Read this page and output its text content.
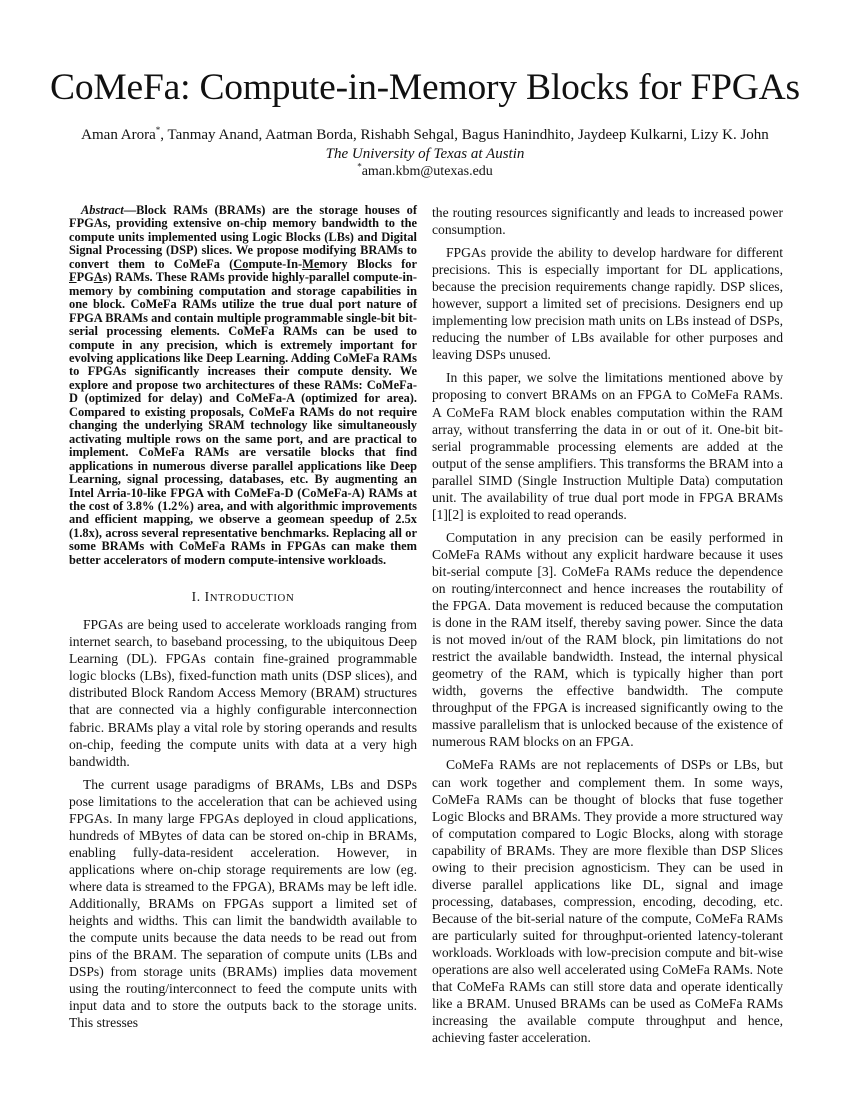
CoMeFa: Compute-in-Memory Blocks for FPGAs
Aman Arora*, Tanmay Anand, Aatman Borda, Rishabh Sehgal, Bagus Hanindhito, Jaydeep Kulkarni, Lizy K. John
The University of Texas at Austin
*aman.kbm@utexas.edu

Abstract—Block RAMs (BRAMs) are the storage houses of FPGAs, providing extensive on-chip memory bandwidth to the compute units implemented using Logic Blocks (LBs) and Digital Signal Processing (DSP) slices. We propose modifying BRAMs to convert them to CoMeFa (Compute-In-Memory Blocks for FPGAs) RAMs. These RAMs provide highly-parallel compute-in-memory by combining computation and storage capabilities in one block. CoMeFa RAMs utilize the true dual port nature of FPGA BRAMs and contain multiple programmable single-bit bit-serial processing elements. CoMeFa RAMs can be used to compute in any precision, which is extremely important for evolving applications like Deep Learning. Adding CoMeFa RAMs to FPGAs significantly increases their compute density. We explore and propose two architectures of these RAMs: CoMeFa-D (optimized for delay) and CoMeFa-A (optimized for area). Compared to existing proposals, CoMeFa RAMs do not require changing the underlying SRAM technology like simultaneously activating multiple rows on the same port, and are practical to implement. CoMeFa RAMs are versatile blocks that find applications in numerous diverse parallel applications like Deep Learning, signal processing, databases, etc. By augmenting an Intel Arria-10-like FPGA with CoMeFa-D (CoMeFa-A) RAMs at the cost of 3.8% (1.2%) area, and with algorithmic improvements and efficient mapping, we observe a geomean speedup of 2.5x (1.8x), across several representative benchmarks. Replacing all or some BRAMs with CoMeFa RAMs in FPGAs can make them better accelerators of modern compute-intensive workloads.

I. INTRODUCTION

FPGAs are being used to accelerate workloads ranging from internet search, to baseband processing, to the ubiquitous Deep Learning (DL). FPGAs contain fine-grained programmable logic blocks (LBs), fixed-function math units (DSP slices), and distributed Block Random Access Memory (BRAM) structures that are connected via a highly configurable interconnection fabric. BRAMs play a vital role by storing operands and results on-chip, feeding the compute units with data at a very high bandwidth.

The current usage paradigms of BRAMs, LBs and DSPs pose limitations to the acceleration that can be achieved using FPGAs. In many large FPGAs deployed in cloud applications, hundreds of MBytes of data can be stored on-chip in BRAMs, enabling fully-data-resident acceleration. However, in applications where on-chip storage requirements are low (eg. where data is streamed to the FPGA), BRAMs may be left idle. Additionally, BRAMs on FPGAs support a limited set of heights and widths. This can limit the bandwidth available to the compute units because the data needs to be read out from pins of the BRAM. The separation of compute units (LBs and DSPs) from storage units (BRAMs) implies data movement using the routing/interconnect to feed the compute units with input data and to store the outputs back to the storage units. This stresses

the routing resources significantly and leads to increased power consumption.

FPGAs provide the ability to develop hardware for different precisions. This is especially important for DL applications, because the precision requirements change rapidly. DSP slices, however, support a limited set of precisions. Designers end up implementing low precision math units on LBs instead of DSPs, reducing the number of LBs available for other purposes and leaving DSPs unused.

In this paper, we solve the limitations mentioned above by proposing to convert BRAMs on an FPGA to CoMeFa RAMs. A CoMeFa RAM block enables computation within the RAM array, without transferring the data in or out of it. One-bit bit-serial programmable processing elements are added at the output of the sense amplifiers. This transforms the BRAM into a parallel SIMD (Single Instruction Multiple Data) computation unit. The availability of true dual port mode in FPGA BRAMs [1][2] is exploited to read operands.

Computation in any precision can be easily performed in CoMeFa RAMs without any explicit hardware because it uses bit-serial compute [3]. CoMeFa RAMs reduce the dependence on routing/interconnect and hence increases the routability of the FPGA. Data movement is reduced because the computation is done in the RAM itself, thereby saving power. Since the data is not moved in/out of the RAM block, pin limitations do not restrict the available bandwidth. Instead, the internal physical geometry of the RAM, which is typically higher than port width, governs the effective bandwidth. The compute throughput of the FPGA is increased significantly owing to the massive parallelism that is unlocked because of the existence of numerous RAM blocks on an FPGA.

CoMeFa RAMs are not replacements of DSPs or LBs, but can work together and complement them. In some ways, CoMeFa RAMs can be thought of blocks that fuse together Logic Blocks and BRAMs. They provide a more structured way of computation compared to Logic Blocks, along with storage capability of BRAMs. They are more flexible than DSP Slices owing to their precision agnosticism. They can be used in diverse parallel applications like DL, signal and image processing, databases, compression, encoding, decoding, etc. Because of the bit-serial nature of the compute, CoMeFa RAMs are particularly suited for throughput-oriented latency-tolerant workloads. Workloads with low-precision compute and bit-wise operations are also well accelerated using CoMeFa RAMs. Note that CoMeFa RAMs can still store data and operate identically like a BRAM. Unused BRAMs can be used as CoMeFa RAMs increasing the available compute throughput and hence, achieving faster acceleration.
